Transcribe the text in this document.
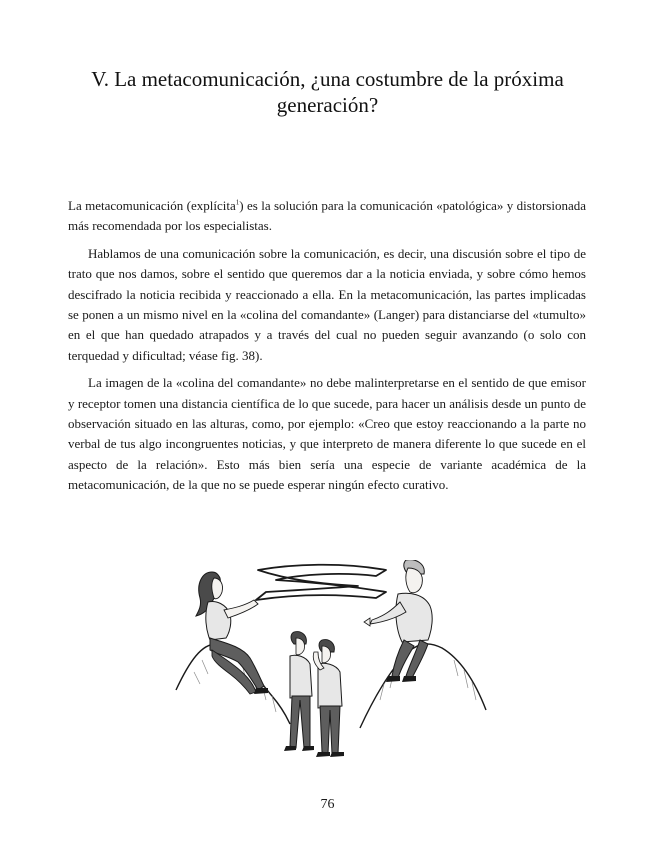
V. La metacomunicación, ¿una costumbre de la próxima generación?

La metacomunicación (explícita$^1$) es la solución para la comunicación «patológica» y distorsionada más recomendada por los especialistas.

Hablamos de una comunicación sobre la comunicación, es decir, una discusión sobre el tipo de trato que nos damos, sobre el sentido que queremos dar a la noticia enviada, y sobre cómo hemos descifrado la noticia recibida y reaccionado a ella. En la metacomunicación, las partes implicadas se ponen a un mismo nivel en la «colina del comandante» (Langer) para distanciarse del «tumulto» en el que han quedado atrapados y a través del cual no pueden seguir avanzando (o solo con terquedad y dificultad; véase fig. 38).

La imagen de la «colina del comandante» no debe malinterpretarse en el sentido de que emisor y receptor tomen una distancia científica de lo que sucede, para hacer un análisis desde un punto de observación situado en las alturas, como, por ejemplo: «Creo que estoy reaccionando a la parte no verbal de tus algo incongruentes noticias, y que interpreto de manera diferente lo que sucede en el aspecto de la relación». Esto más bien sería una especie de variante académica de la metacomunicación, de la que no se puede esperar ningún efecto curativo.

76
